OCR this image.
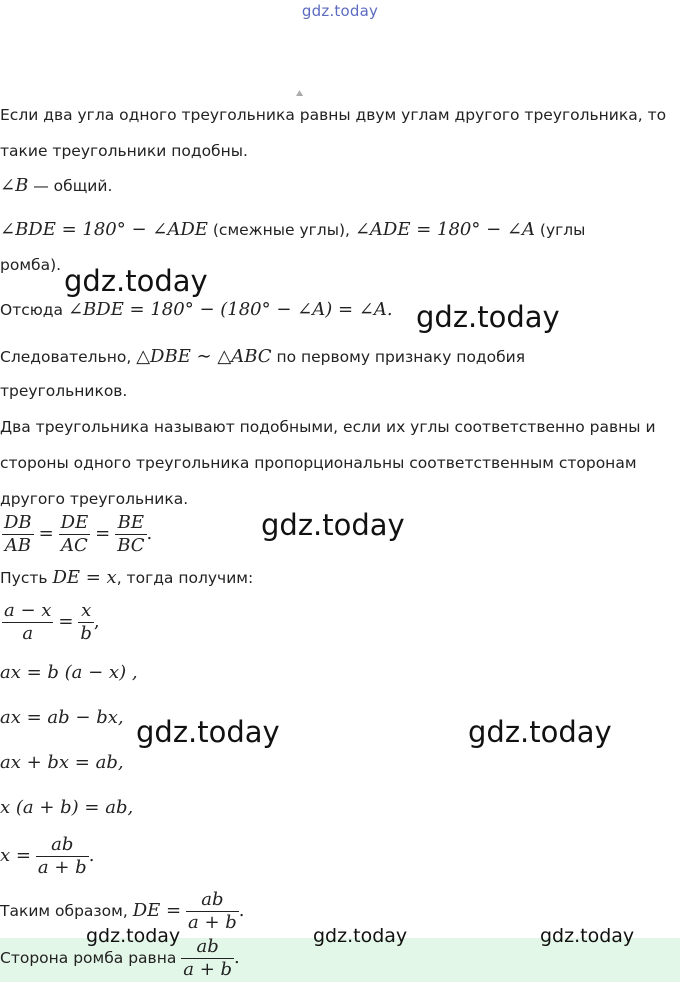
gdz.today
Если два угла одного треугольника равны двум углам другого треугольника, то
такие треугольники подобны.
∠B — общий.
∠BDE = 180° − ∠ADE (смежные углы), ∠ADE = 180° − ∠A (углы
ромба).
Отсюда ∠BDE = 180° − (180° − ∠A) = ∠A.
Следовательно, △DBE ∼ △ABC по первому признаку подобия
треугольников.
Два треугольника называют подобными, если их углы соответственно равны и
стороны одного треугольника пропорциональны соответственным сторонам
другого треугольника.
$\frac{DB}{AB} = \frac{DE}{AC} = \frac{BE}{BC}$ .
Пусть DE = x, тогда получим:
$\frac{a - x}{a} = \frac{x}{b}$ ,
ax = b (a − x) ,
ax = ab − bx,
ax + bx = ab,
x (a + b) = ab,
$x = \frac{ab}{a + b}$ .
Таким образом, DE = $\frac{ab}{a + b}$ .
Сторона ромба равна $\frac{ab}{a + b}$ .
gdz.today
gdz.today
gdz.today
gdz.today	gdz.today
gdz.today	gdz.today	gdz.today
